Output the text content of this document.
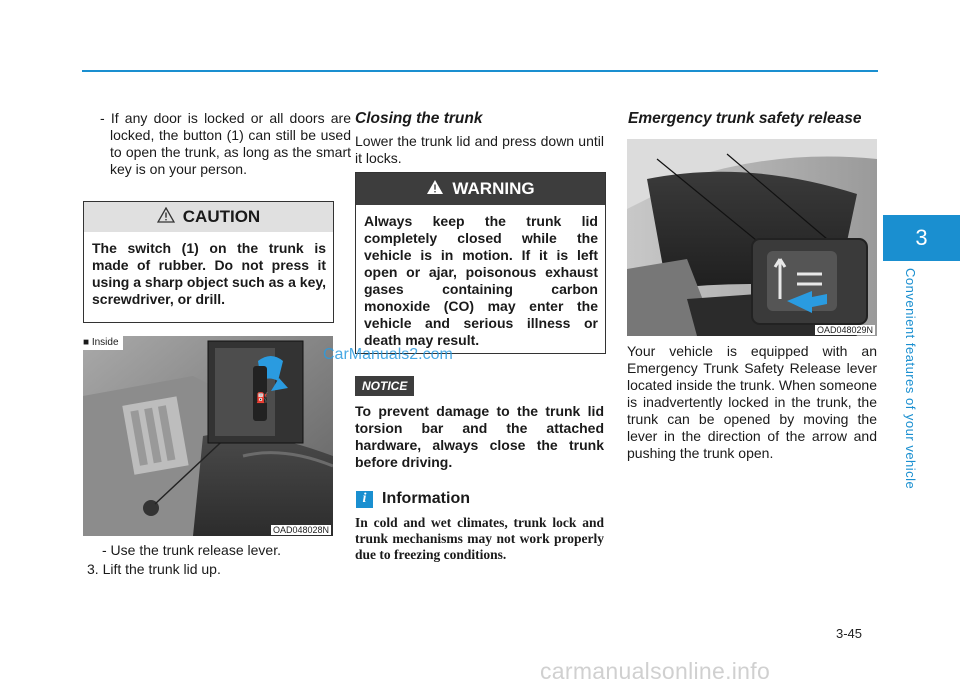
3
Convenient features of your vehicle
3-45
- If any door is locked or all doors are locked, the button (1) can still be used to open the trunk, as long as the smart key is on your person.
CAUTION
The switch (1) on the trunk is made of rubber. Do not press it using a sharp object such as a key, screwdriver, or drill.
⛽
■ Inside
OAD048028N
- Use the trunk release lever.
3. Lift the trunk lid up.
Closing the trunk
Lower the trunk lid and press down until it locks.
WARNING
Always keep the trunk lid completely closed while the vehicle is in motion. If it is left open or ajar, poisonous exhaust gases containing carbon monoxide (CO) may enter the vehicle and serious illness or death may result.
NOTICE
To prevent damage to the trunk lid torsion bar and the attached hardware, always close the trunk before driving.
i Information
In cold and wet climates, trunk lock and trunk mechanisms may not work properly due to freezing conditions.
Emergency trunk safety release
OAD048029N
Your vehicle is equipped with an Emergency Trunk Safety Release lever located inside the trunk. When someone is inadvertently locked in the trunk, the trunk can be opened by moving the lever in the direction of the arrow and pushing the trunk open.
CarManuals2.com
carmanualsonline.info
